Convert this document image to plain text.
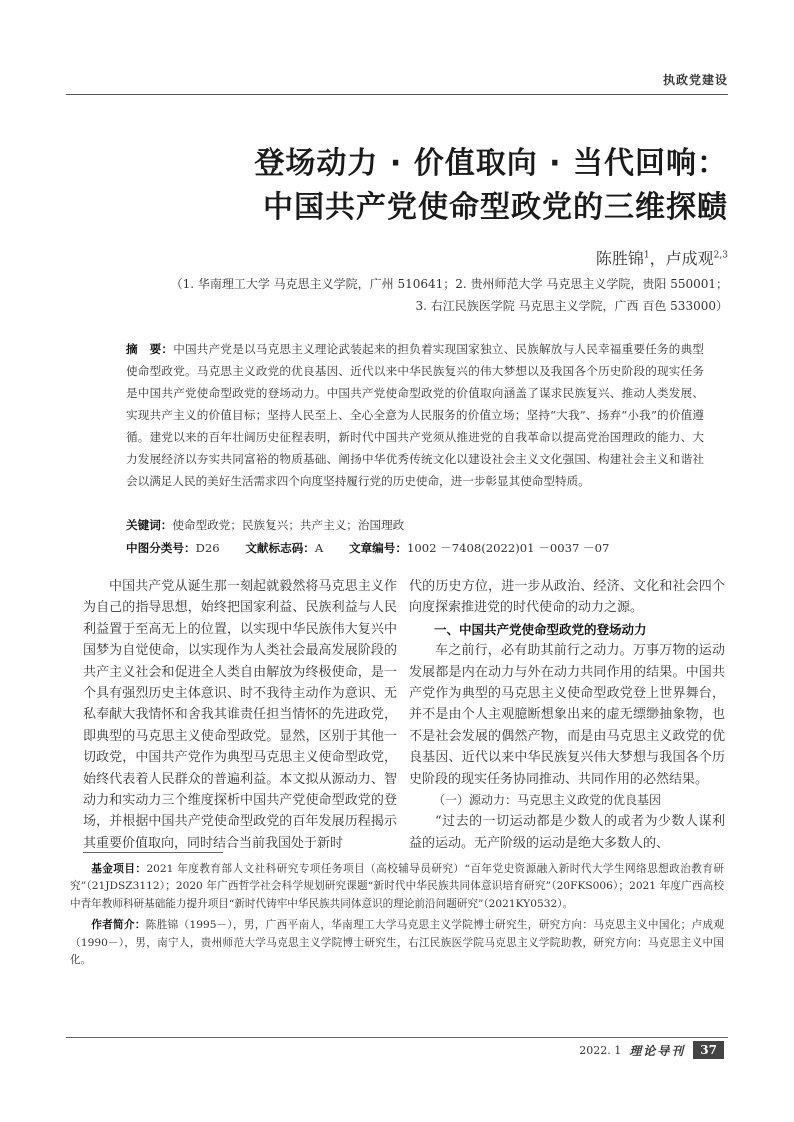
执政党建设
登场动力 · 价值取向 · 当代回响：
中国共产党使命型政党的三维探赜
陈胜锦$^1$，卢成观$^{2,3}$
（1. 华南理工大学 马克思主义学院，广州 510641；2. 贵州师范大学 马克思主义学院，贵阳 550001；
3. 右江民族医学院 马克思主义学院，广西 百色 533000）
摘　要：中国共产党是以马克思主义理论武装起来的担负着实现国家独立、民族解放与人民幸福重要任务的典型使命型政党。马克思主义政党的优良基因、近代以来中华民族复兴的伟大梦想以及我国各个历史阶段的现实任务是中国共产党使命型政党的登场动力。中国共产党使命型政党的价值取向涵盖了谋求民族复兴、推动人类发展、实现共产主义的价值目标；坚持人民至上、全心全意为人民服务的价值立场；坚持“大我”、扬弃“小我”的价值遵循。建党以来的百年壮阔历史征程表明，新时代中国共产党须从推进党的自我革命以提高党治国理政的能力、大力发展经济以夯实共同富裕的物质基础、阐扬中华优秀传统文化以建设社会主义文化强国、构建社会主义和谐社会以满足人民的美好生活需求四个向度坚持履行党的历史使命，进一步彰显其使命型特质。
关键词：使命型政党；民族复兴；共产主义；治国理政
中图分类号：D26 文献标志码：A 文章编号：1002 －7408(2022)01 －0037 －07

中国共产党从诞生那一刻起就毅然将马克思主义作为自己的指导思想，始终把国家利益、民族利益与人民利益置于至高无上的位置，以实现中华民族伟大复兴中国梦为自觉使命，以实现作为人类社会最高发展阶段的共产主义社会和促进全人类自由解放为终极使命，是一个具有强烈历史主体意识、时不我待主动作为意识、无私奉献大我情怀和舍我其谁责任担当情怀的先进政党，即典型的马克思主义使命型政党。显然，区别于其他一切政党，中国共产党作为典型马克思主义使命型政党，始终代表着人民群众的普遍利益。本文拟从源动力、智动力和实动力三个维度探析中国共产党使命型政党的登场，并根据中国共产党使命型政党的百年发展历程揭示其重要价值取向，同时结合当前我国处于新时

代的历史方位，进一步从政治、经济、文化和社会四个向度探索推进党的时代使命的动力之源。

一、中国共产党使命型政党的登场动力

车之前行，必有助其前行之动力。万事万物的运动发展都是内在动力与外在动力共同作用的结果。中国共产党作为典型的马克思主义使命型政党登上世界舞台，并不是由个人主观臆断想象出来的虚无缥缈抽象物，也不是社会发展的偶然产物，而是由马克思主义政党的优良基因、近代以来中华民族复兴伟大梦想与我国各个历史阶段的现实任务协同推动、共同作用的必然结果。

（一）源动力：马克思主义政党的优良基因

“过去的一切运动都是少数人的或者为少数人谋利益的运动。无产阶级的运动是绝大多数人的、

基金项目：2021 年度教育部人文社科研究专项任务项目（高校辅导员研究）“百年党史资源融入新时代大学生网络思想政治教育研究”（21JDSZ3112）；2020 年广西哲学社会科学规划研究课题“新时代中华民族共同体意识培育研究”（20FKS006）；2021 年度广西高校中青年教师科研基础能力提升项目“新时代铸牢中华民族共同体意识的理论前沿问题研究”（2021KY0532）。

作者简介：陈胜锦（1995－），男，广西平南人，华南理工大学马克思主义学院博士研究生，研究方向：马克思主义中国化；卢成观（1990－），男，南宁人，贵州师范大学马克思主义学院博士研究生，右江民族医学院马克思主义学院助教，研究方向：马克思主义中国化。

2022. 1 理论导刊	37
